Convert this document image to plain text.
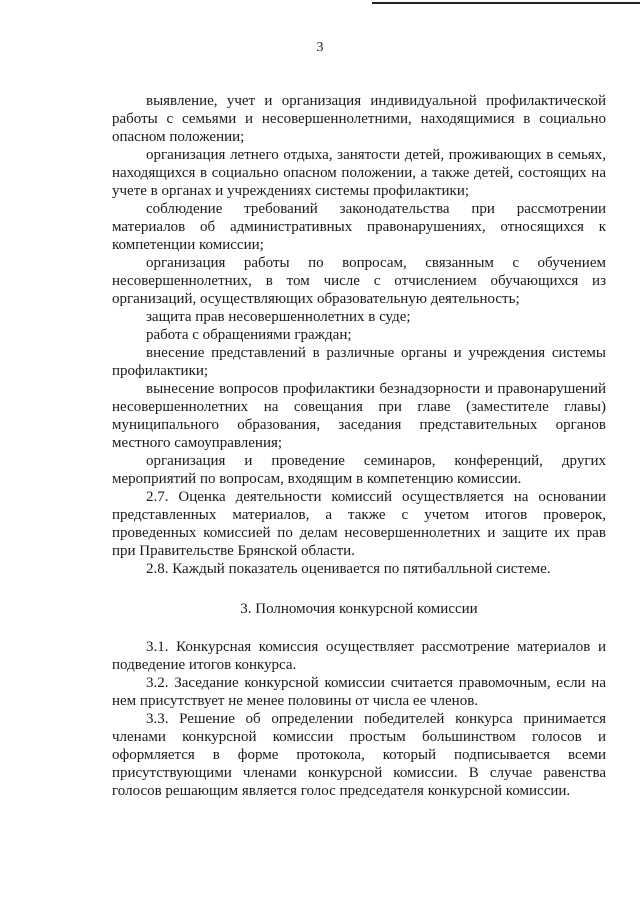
3

выявление, учет и организация индивидуальной профилактической работы с семьями и несовершеннолетними, находящимися в социально опасном положении;

организация летнего отдыха, занятости детей, проживающих в семьях, находящихся в социально опасном положении, а также детей, состоящих на учете в органах и учреждениях системы профилактики;

соблюдение требований законодательства при рассмотрении материалов об административных правонарушениях, относящихся к компетенции комиссии;

организация работы по вопросам, связанным с обучением несовершеннолетних, в том числе с отчислением обучающихся из организаций, осуществляющих образовательную деятельность;

защита прав несовершеннолетних в суде;

работа с обращениями граждан;

внесение представлений в различные органы и учреждения системы профилактики;

вынесение вопросов профилактики безнадзорности и правонарушений несовершеннолетних на совещания при главе (заместителе главы) муниципального образования, заседания представительных органов местного самоуправления;

организация и проведение семинаров, конференций, других мероприятий по вопросам, входящим в компетенцию комиссии.

2.7. Оценка деятельности комиссий осуществляется на основании представленных материалов, а также с учетом итогов проверок, проведенных комиссией по делам несовершеннолетних и защите их прав при Правительстве Брянской области.

2.8. Каждый показатель оценивается по пятибалльной системе.

3. Полномочия конкурсной комиссии

3.1. Конкурсная комиссия осуществляет рассмотрение материалов и подведение итогов конкурса.

3.2. Заседание конкурсной комиссии считается правомочным, если на нем присутствует не менее половины от числа ее членов.

3.3. Решение об определении победителей конкурса принимается членами конкурсной комиссии простым большинством голосов и оформляется в форме протокола, который подписывается всеми присутствующими членами конкурсной комиссии. В случае равенства голосов решающим является голос председателя конкурсной комиссии.
